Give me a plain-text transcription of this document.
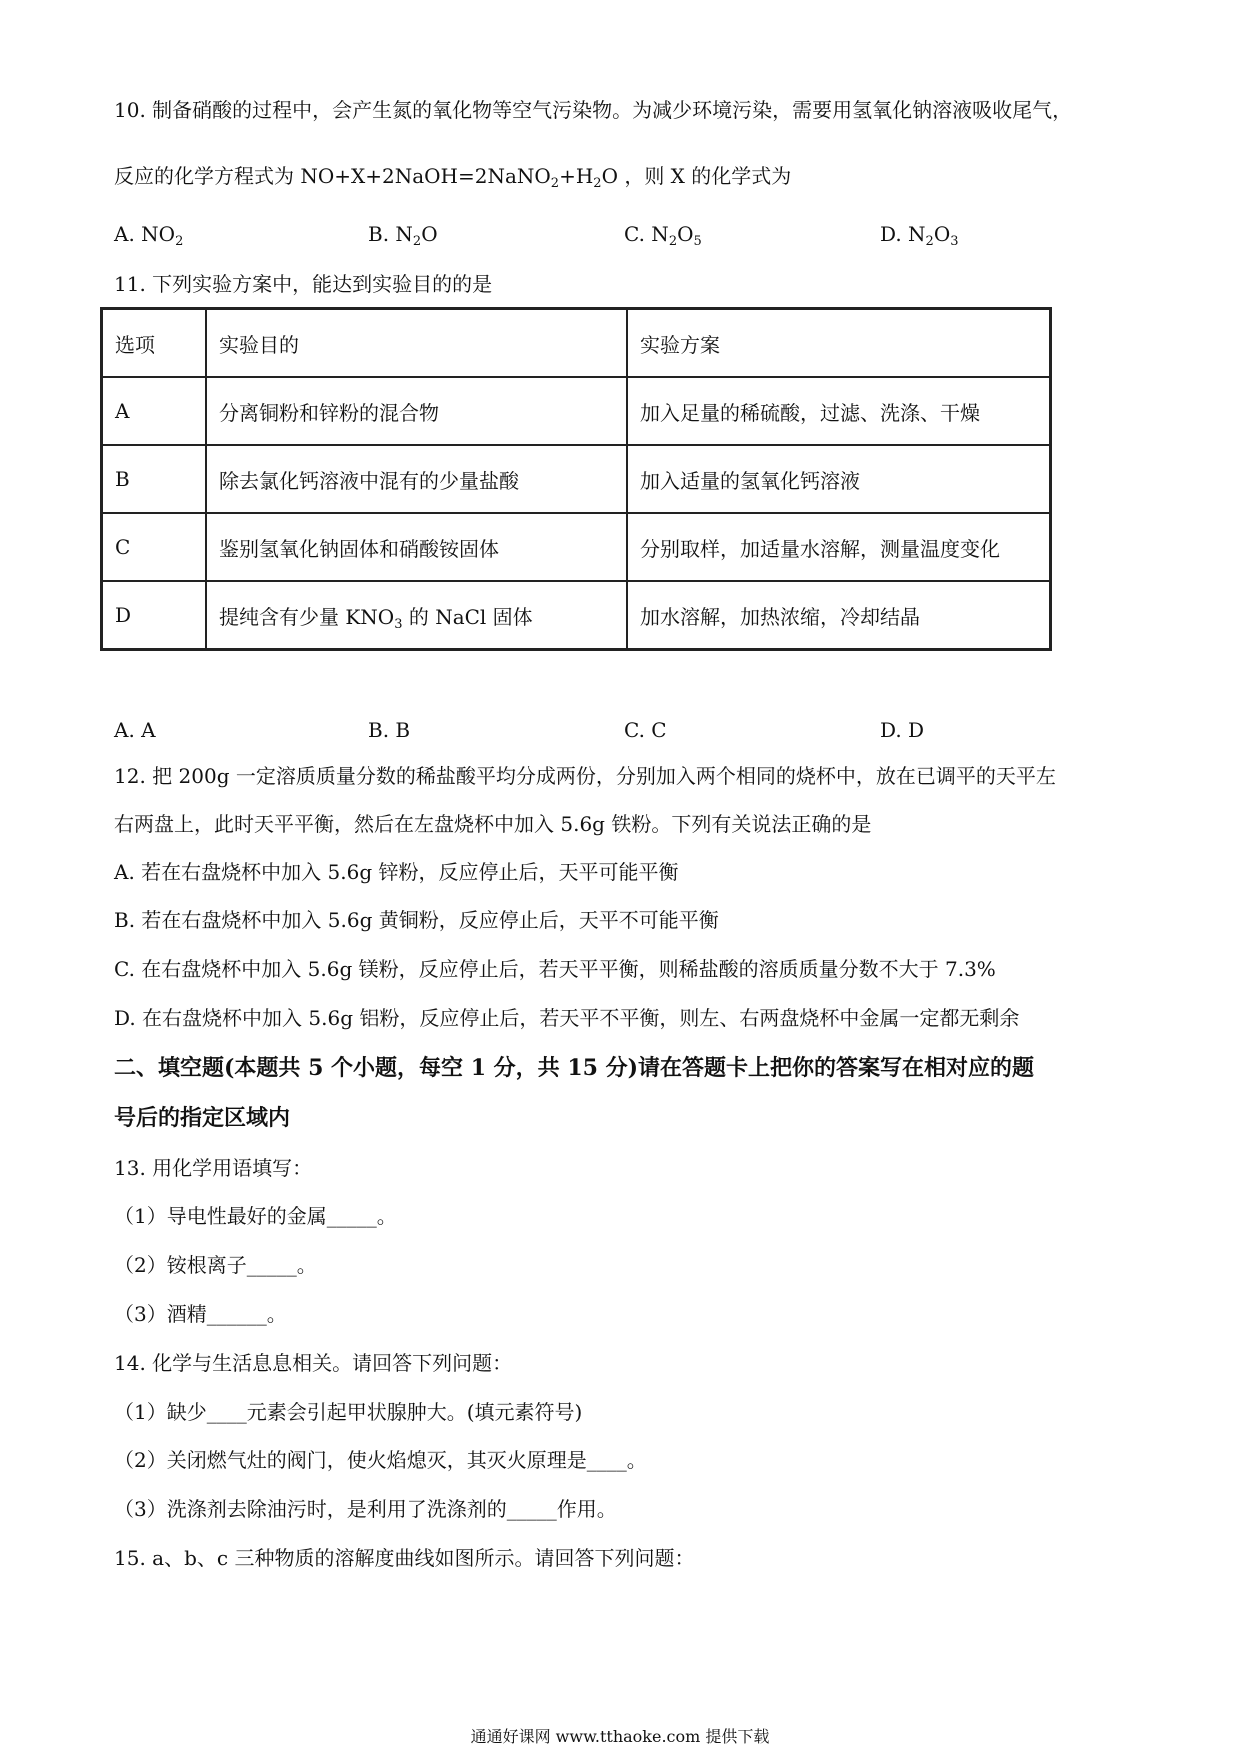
10. 制备硝酸的过程中，会产生氮的氧化物等空气污染物。为减少环境污染，需要用氢氧化钠溶液吸收尾气，
反应的化学方程式为 $NO+X+2NaOH=2NaNO_2+H_2O$ ，则 X 的化学式为
A. $NO_2$	B. $N_2O$	C. $N_2O_5$	D. $N_2O_3$
11. 下列实验方案中，能达到实验目的的是
选项	实验目的	实验方案
A	分离铜粉和锌粉的混合物	加入足量的稀硫酸，过滤、洗涤、干燥
B	除去氯化钙溶液中混有的少量盐酸	加入适量的氢氧化钙溶液
C	鉴别氢氧化钠固体和硝酸铵固体	分别取样，加适量水溶解，测量温度变化
D	提纯含有少量 $KNO_3$ 的 NaCl 固体	加水溶解，加热浓缩，冷却结晶
A. A	B. B	C. C	D. D
12. 把 200g 一定溶质质量分数的稀盐酸平均分成两份，分别加入两个相同的烧杯中，放在已调平的天平左
右两盘上，此时天平平衡，然后在左盘烧杯中加入 5.6g 铁粉。下列有关说法正确的是
A. 若在右盘烧杯中加入 5.6g 锌粉，反应停止后，天平可能平衡
B. 若在右盘烧杯中加入 5.6g 黄铜粉，反应停止后，天平不可能平衡
C. 在右盘烧杯中加入 5.6g 镁粉，反应停止后，若天平平衡，则稀盐酸的溶质质量分数不大于 7.3%
D. 在右盘烧杯中加入 5.6g 铝粉，反应停止后，若天平不平衡，则左、右两盘烧杯中金属一定都无剩余
二、填空题(本题共 5 个小题，每空 1 分，共 15 分)请在答题卡上把你的答案写在相对应的题
号后的指定区域内
13. 用化学用语填写：
（1）导电性最好的金属_____。
（2）铵根离子_____。
（3）酒精______。
14. 化学与生活息息相关。请回答下列问题：
（1）缺少____元素会引起甲状腺肿大。(填元素符号)
（2）关闭燃气灶的阀门，使火焰熄灭，其灭火原理是____。
（3）洗涤剂去除油污时，是利用了洗涤剂的_____作用。
15. a、b、c 三种物质的溶解度曲线如图所示。请回答下列问题：
通通好课网 www.tthaoke.com 提供下载
